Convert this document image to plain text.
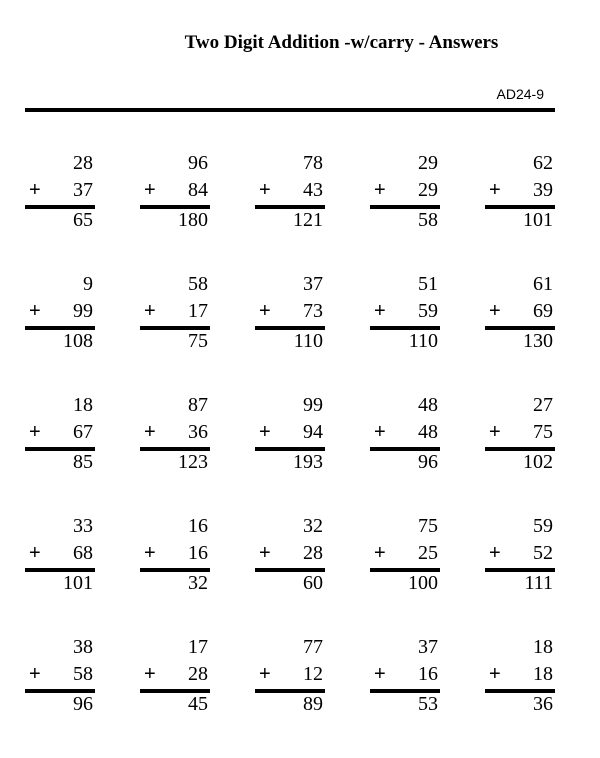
Two Digit Addition -w/carry - Answers
AD24-9
28
+ 37
65
96
+ 84
180
78
+ 43
121
29
+ 29
58
62
+ 39
101
9
+ 99
108
58
+ 17
75
37
+ 73
110
51
+ 59
110
61
+ 69
130
18
+ 67
85
87
+ 36
123
99
+ 94
193
48
+ 48
96
27
+ 75
102
33
+ 68
101
16
+ 16
32
32
+ 28
60
75
+ 25
100
59
+ 52
111
38
+ 58
96
17
+ 28
45
77
+ 12
89
37
+ 16
53
18
+ 18
36
